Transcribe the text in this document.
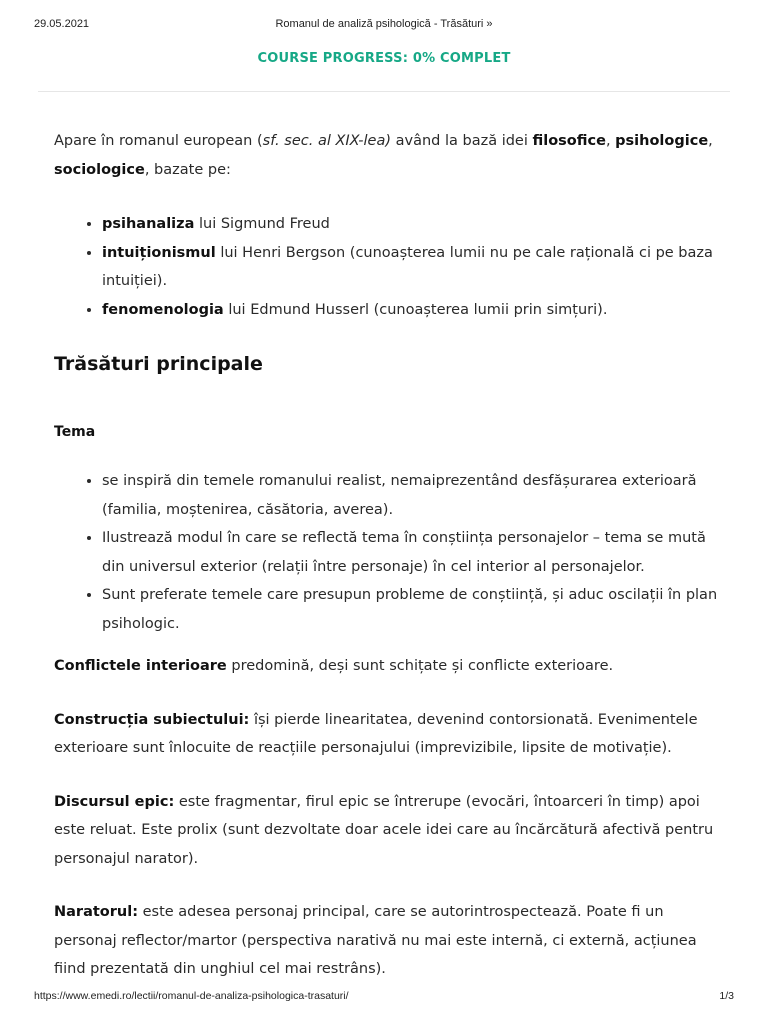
29.05.2021	Romanul de analiză psihologică - Trăsături »
COURSE PROGRESS: 0% COMPLET

Apare în romanul european (sf. sec. al XIX-lea) având la bază idei filosofice, psihologice, sociologice, bazate pe:

• psihanaliza lui Sigmund Freud
• intuiționismul lui Henri Bergson (cunoașterea lumii nu pe cale rațională ci pe baza intuiției).
• fenomenologia lui Edmund Husserl (cunoașterea lumii prin simțuri).
Trăsături principale
Tema
• se inspiră din temele romanului realist, nemaiprezentând desfășurarea exterioară (familia, moștenirea, căsătoria, averea).
• Ilustrează modul în care se reflectă tema în conștiința personajelor – tema se mută din universul exterior (relații între personaje) în cel interior al personajelor.
• Sunt preferate temele care presupun probleme de conștiință, și aduc oscilații în plan psihologic.

Conflictele interioare predomină, deși sunt schițate și conflicte exterioare.

Construcția subiectului: își pierde linearitatea, devenind contorsionată. Evenimentele exterioare sunt înlocuite de reacțiile personajului (imprevizibile, lipsite de motivație).

Discursul epic: este fragmentar, firul epic se întrerupe (evocări, întoarceri în timp) apoi este reluat. Este prolix (sunt dezvoltate doar acele idei care au încărcătură afectivă pentru personajul narator).

Naratorul: este adesea personaj principal, care se autorintrospectează. Poate fi un personaj reflector/martor (perspectiva narativă nu mai este internă, ci externă, acțiunea fiind prezentată din unghiul cel mai restrâns).

https://www.emedi.ro/lectii/romanul-de-analiza-psihologica-trasaturi/	1/3
